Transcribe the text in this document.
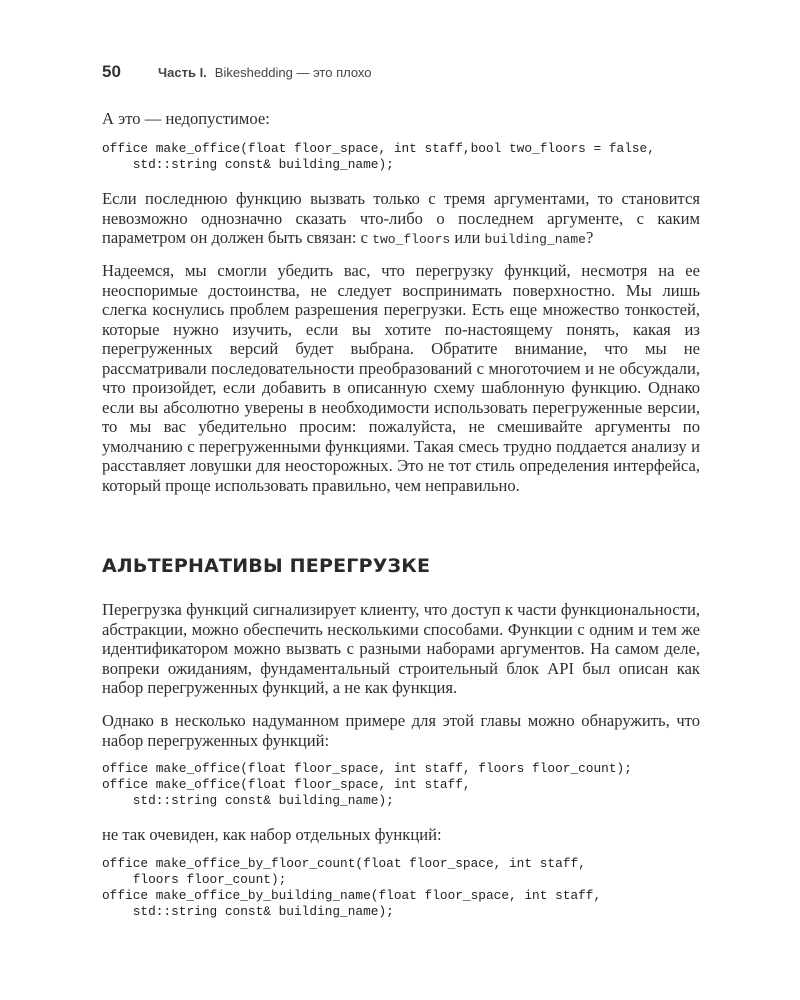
50	Часть I. Bikeshedding — это плохо

А это — недопустимое:

office make_office(float floor_space, int staff,bool two_floors = false,
std::string const& building_name);

Если последнюю функцию вызвать только с тремя аргументами, то становится невозможно однозначно сказать что-либо о последнем аргументе, с каким параметром он должен быть связан: с two_floors или building_name?

Надеемся, мы смогли убедить вас, что перегрузку функций, несмотря на ее неоспоримые достоинства, не следует воспринимать поверхностно. Мы лишь слегка коснулись проблем разрешения перегрузки. Есть еще множество тонкостей, которые нужно изучить, если вы хотите по-настоящему понять, какая из перегруженных версий будет выбрана. Обратите внимание, что мы не рассматривали последовательности преобразований с многоточием и не обсуждали, что произойдет, если добавить в описанную схему шаблонную функцию. Однако если вы абсолютно уверены в необходимости использовать перегруженные версии, то мы вас убедительно просим: пожалуйста, не смешивайте аргументы по умолчанию с перегруженными функциями. Такая смесь трудно поддается анализу и расставляет ловушки для неосторожных. Это не тот стиль определения интерфейса, который проще использовать правильно, чем неправильно.

АЛЬТЕРНАТИВЫ ПЕРЕГРУЗКЕ

Перегрузка функций сигнализирует клиенту, что доступ к части функциональности, абстракции, можно обеспечить несколькими способами. Функции с одним и тем же идентификатором можно вызвать с разными наборами аргументов. На самом деле, вопреки ожиданиям, фундаментальный строительный блок API был описан как набор перегруженных функций, а не как функция.

Однако в несколько надуманном примере для этой главы можно обнаружить, что набор перегруженных функций:

office make_office(float floor_space, int staff, floors floor_count);
office make_office(float floor_space, int staff,
std::string const& building_name);

не так очевиден, как набор отдельных функций:

office make_office_by_floor_count(float floor_space, int staff,
floors floor_count);
office make_office_by_building_name(float floor_space, int staff,
std::string const& building_name);
